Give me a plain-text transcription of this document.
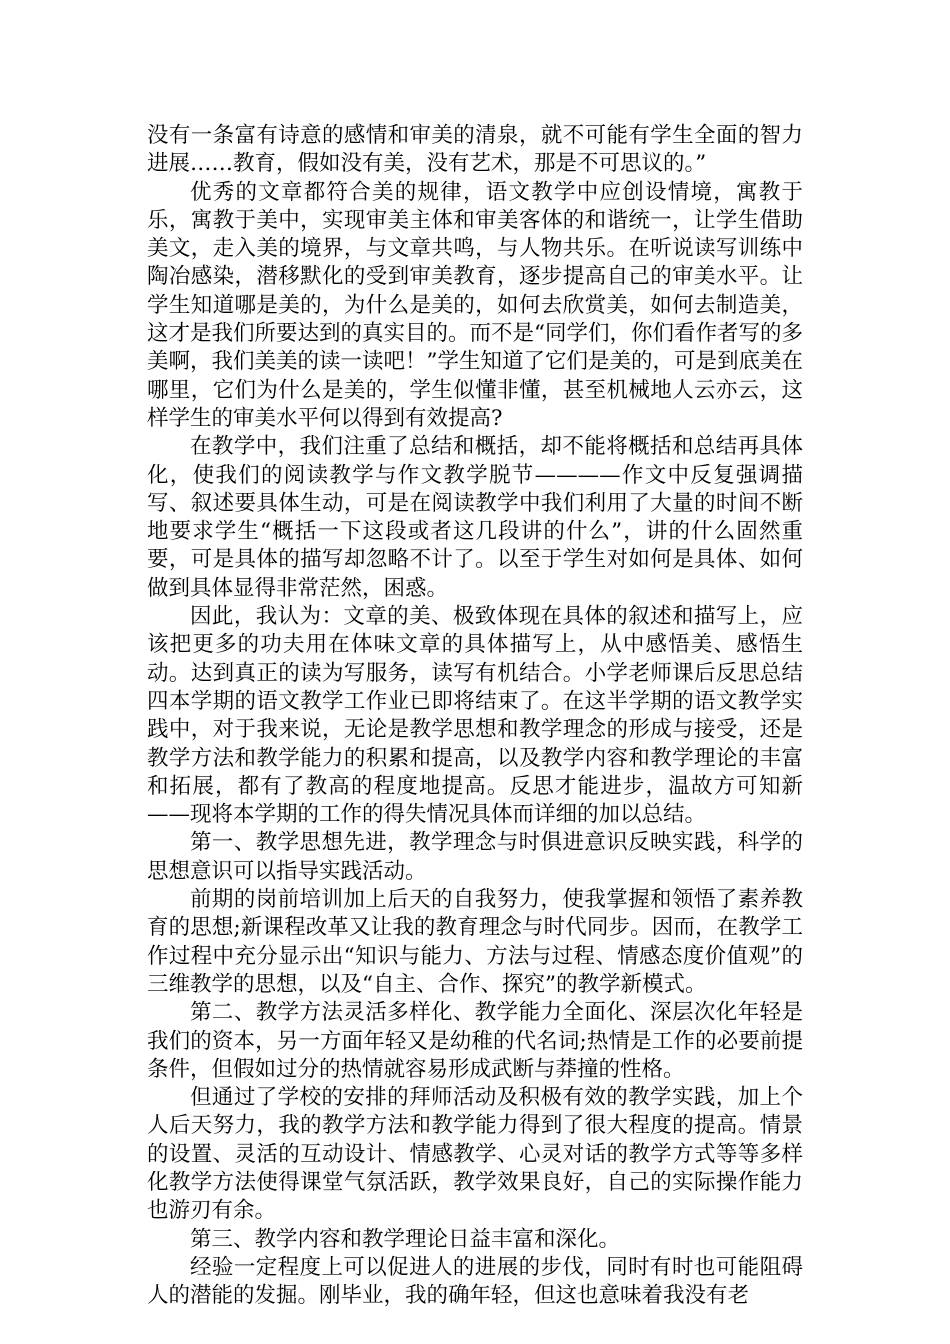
没有一条富有诗意的感情和审美的清泉，就不可能有学生全面的智力进展……教育，假如没有美，没有艺术，那是不可思议的。”

优秀的文章都符合美的规律，语文教学中应创设情境，寓教于乐，寓教于美中，实现审美主体和审美客体的和谐统一，让学生借助美文，走入美的境界，与文章共鸣，与人物共乐。在听说读写训练中陶冶感染，潜移默化的受到审美教育，逐步提高自己的审美水平。让学生知道哪是美的，为什么是美的，如何去欣赏美，如何去制造美，这才是我们所要达到的真实目的。而不是“同学们，你们看作者写的多美啊，我们美美的读一读吧！”学生知道了它们是美的，可是到底美在哪里，它们为什么是美的，学生似懂非懂，甚至机械地人云亦云，这样学生的审美水平何以得到有效提高?

在教学中，我们注重了总结和概括，却不能将概括和总结再具体化，使我们的阅读教学与作文教学脱节————作文中反复强调描写、叙述要具体生动，可是在阅读教学中我们利用了大量的时间不断地要求学生“概括一下这段或者这几段讲的什么”，讲的什么固然重要，可是具体的描写却忽略不计了。以至于学生对如何是具体、如何做到具体显得非常茫然，困惑。

因此，我认为：文章的美、极致体现在具体的叙述和描写上，应该把更多的功夫用在体味文章的具体描写上，从中感悟美、感悟生动。达到真正的读为写服务，读写有机结合。小学老师课后反思总结四本学期的语文教学工作业已即将结束了。在这半学期的语文教学实践中，对于我来说，无论是教学思想和教学理念的形成与接受，还是教学方法和教学能力的积累和提高，以及教学内容和教学理论的丰富和拓展，都有了教高的程度地提高。反思才能进步，温故方可知新——现将本学期的工作的得失情况具体而详细的加以总结。

第一、教学思想先进，教学理念与时俱进意识反映实践，科学的思想意识可以指导实践活动。

前期的岗前培训加上后天的自我努力，使我掌握和领悟了素养教育的思想;新课程改革又让我的教育理念与时代同步。因而，在教学工作过程中充分显示出“知识与能力、方法与过程、情感态度价值观”的三维教学的思想，以及“自主、合作、探究”的教学新模式。

第二、教学方法灵活多样化、教学能力全面化、深层次化年轻是我们的资本，另一方面年轻又是幼稚的代名词;热情是工作的必要前提条件，但假如过分的热情就容易形成武断与莽撞的性格。

但通过了学校的安排的拜师活动及积极有效的教学实践，加上个人后天努力，我的教学方法和教学能力得到了很大程度的提高。情景的设置、灵活的互动设计、情感教学、心灵对话的教学方式等等多样化教学方法使得课堂气氛活跃，教学效果良好，自己的实际操作能力也游刃有余。

第三、教学内容和教学理论日益丰富和深化。

经验一定程度上可以促进人的进展的步伐，同时有时也可能阻碍人的潜能的发掘。刚毕业，我的确年轻，但这也意味着我没有老
